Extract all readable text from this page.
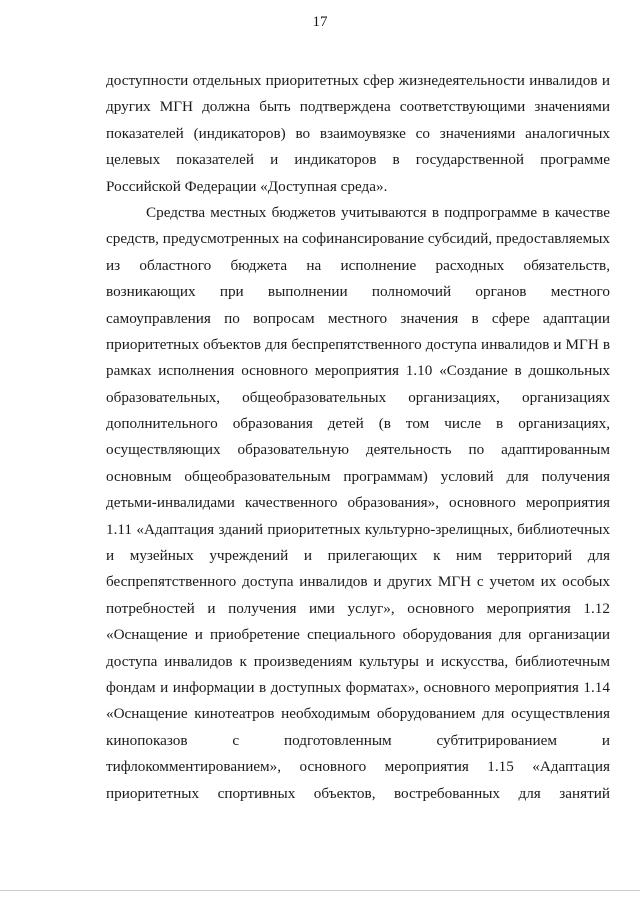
17
доступности отдельных приоритетных сфер жизнедеятельности инвалидов и
других МГН должна быть подтверждена соответствующими значениями
показателей (индикаторов) во взаимоувязке со значениями аналогичных
целевых показателей и индикаторов в государственной программе
Российской Федерации «Доступная среда».
Средства местных бюджетов учитываются в подпрограмме в качестве
средств, предусмотренных на софинансирование субсидий, предоставляемых
из областного бюджета на исполнение расходных обязательств,
возникающих при выполнении полномочий органов местного
самоуправления по вопросам местного значения в сфере адаптации
приоритетных объектов для беспрепятственного доступа инвалидов и МГН в
рамках исполнения основного мероприятия 1.10 «Создание в дошкольных
образовательных, общеобразовательных организациях, организациях
дополнительного образования детей (в том числе в организациях,
осуществляющих образовательную деятельность по адаптированным
основным общеобразовательным программам) условий для получения
детьми-инвалидами качественного образования», основного мероприятия
1.11 «Адаптация зданий приоритетных культурно-зрелищных, библиотечных
и музейных учреждений и прилегающих к ним территорий для
беспрепятственного доступа инвалидов и других МГН с учетом их особых
потребностей и получения ими услуг», основного мероприятия 1.12
«Оснащение и приобретение специального оборудования для организации
доступа инвалидов к произведениям культуры и искусства, библиотечным
фондам и информации в доступных форматах», основного мероприятия 1.14
«Оснащение кинотеатров необходимым оборудованием для осуществления
кинопоказов с подготовленным субтитрированием и
тифлокомментированием», основного мероприятия 1.15 «Адаптация
приоритетных спортивных объектов, востребованных для занятий
